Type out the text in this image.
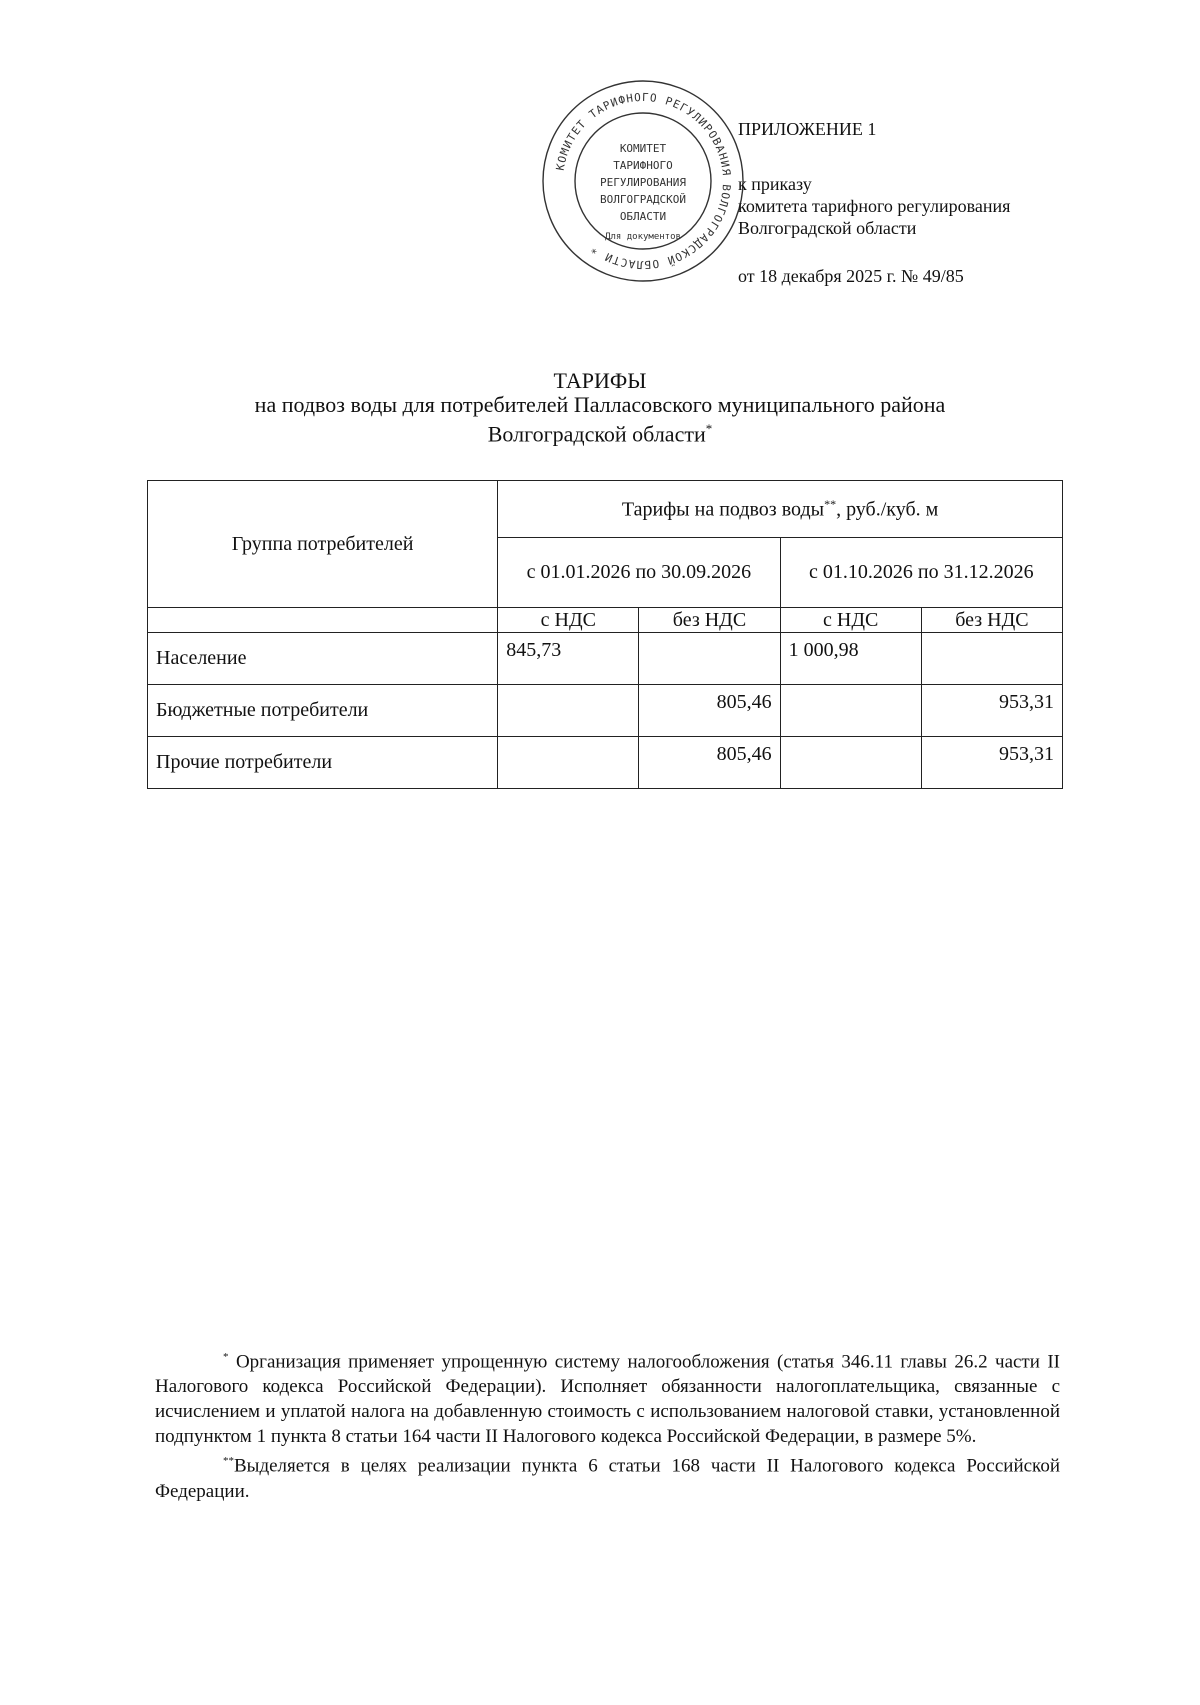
КОМИТЕТ ТАРИФНОГО РЕГУЛИРОВАНИЯ ВОЛГОГРАДСКОЙ ОБЛАСТИ *
КОМИТЕТ
ТАРИФНОГО
РЕГУЛИРОВАНИЯ
ВОЛГОГРАДСКОЙ
ОБЛАСТИ
Для документов
ПРИЛОЖЕНИЕ 1
к приказу
комитета тарифного регулирования
Волгоградской области
от 18 декабря 2025 г. № 49/85
ТАРИФЫ
на подвоз воды для потребителей Палласовского муниципального района
Волгоградской области*
Группа потребителей	Тарифы на подвоз воды**, руб./куб. м			
	с 01.01.2026 по 30.09.2026		с 01.10.2026 по 31.12.2026	
	с НДС	без НДС	с НДС	без НДС
Население	845,73		1 000,98	
Бюджетные потребители		805,46		953,31
Прочие потребители		805,46		953,31

* Организация применяет упрощенную систему налогообложения (статья 346.11 главы 26.2 части II Налогового кодекса Российской Федерации). Исполняет обязанности налогоплательщика, связанные с исчислением и уплатой налога на добавленную стоимость с использованием налоговой ставки, установленной подпунктом 1 пункта 8 статьи 164 части II Налогового кодекса Российской Федерации, в размере 5%.

**Выделяется в целях реализации пункта 6 статьи 168 части II Налогового кодекса Российской Федерации.
